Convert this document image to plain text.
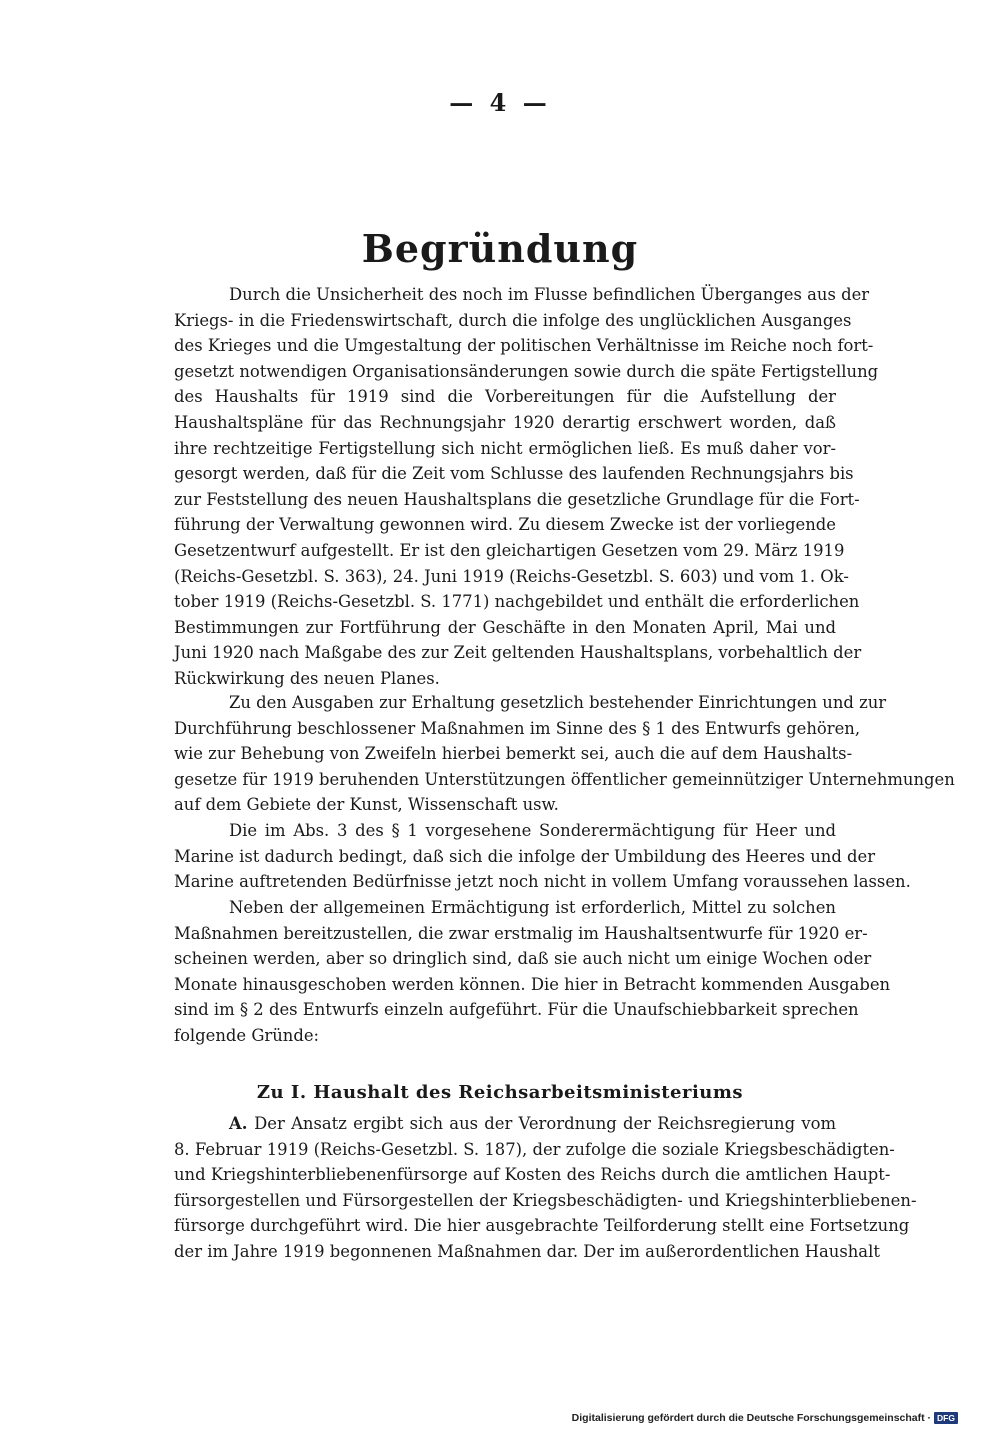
— 4 —
Begründung

Durch die Unsicherheit des noch im Flusse befindlichen Überganges aus der
Kriegs- in die Friedenswirtschaft, durch die infolge des unglücklichen Ausganges
des Krieges und die Umgestaltung der politischen Verhältnisse im Reiche noch fort-
gesetzt notwendigen Organisationsänderungen sowie durch die späte Fertigstellung
des Haushalts für 1919 sind die Vorbereitungen für die Aufstellung der
Haushaltspläne für das Rechnungsjahr 1920 derartig erschwert worden, daß
ihre rechtzeitige Fertigstellung sich nicht ermöglichen ließ. Es muß daher vor-
gesorgt werden, daß für die Zeit vom Schlusse des laufenden Rechnungsjahrs bis
zur Feststellung des neuen Haushaltsplans die gesetzliche Grundlage für die Fort-
führung der Verwaltung gewonnen wird. Zu diesem Zwecke ist der vorliegende
Gesetzentwurf aufgestellt. Er ist den gleichartigen Gesetzen vom 29. März 1919
(Reichs-Gesetzbl. S. 363), 24. Juni 1919 (Reichs-Gesetzbl. S. 603) und vom 1. Ok-
tober 1919 (Reichs-Gesetzbl. S. 1771) nachgebildet und enthält die erforderlichen
Bestimmungen zur Fortführung der Geschäfte in den Monaten April, Mai und
Juni 1920 nach Maßgabe des zur Zeit geltenden Haushaltsplans, vorbehaltlich der
Rückwirkung des neuen Planes.

Zu den Ausgaben zur Erhaltung gesetzlich bestehender Einrichtungen und zur
Durchführung beschlossener Maßnahmen im Sinne des § 1 des Entwurfs gehören,
wie zur Behebung von Zweifeln hierbei bemerkt sei, auch die auf dem Haushalts-
gesetze für 1919 beruhenden Unterstützungen öffentlicher gemeinnütziger Unternehmungen
auf dem Gebiete der Kunst, Wissenschaft usw.

Die im Abs. 3 des § 1 vorgesehene Sonderermächtigung für Heer und
Marine ist dadurch bedingt, daß sich die infolge der Umbildung des Heeres und der
Marine auftretenden Bedürfnisse jetzt noch nicht in vollem Umfang voraussehen lassen.

Neben der allgemeinen Ermächtigung ist erforderlich, Mittel zu solchen
Maßnahmen bereitzustellen, die zwar erstmalig im Haushaltsentwurfe für 1920 er-
scheinen werden, aber so dringlich sind, daß sie auch nicht um einige Wochen oder
Monate hinausgeschoben werden können. Die hier in Betracht kommenden Ausgaben
sind im § 2 des Entwurfs einzeln aufgeführt. Für die Unaufschiebbarkeit sprechen
folgende Gründe:

Zu I. Haushalt des Reichsarbeitsministeriums

A. Der Ansatz ergibt sich aus der Verordnung der Reichsregierung vom
8. Februar 1919 (Reichs-Gesetzbl. S. 187), der zufolge die soziale Kriegsbeschädigten-
und Kriegshinterbliebenenfürsorge auf Kosten des Reichs durch die amtlichen Haupt-
fürsorgestellen und Fürsorgestellen der Kriegsbeschädigten- und Kriegshinterbliebenen-
fürsorge durchgeführt wird. Die hier ausgebrachte Teilforderung stellt eine Fortsetzung
der im Jahre 1919 begonnenen Maßnahmen dar. Der im außerordentlichen Haushalt

Digitalisierung gefördert durch die Deutsche Forschungsgemeinschaft · DFG
